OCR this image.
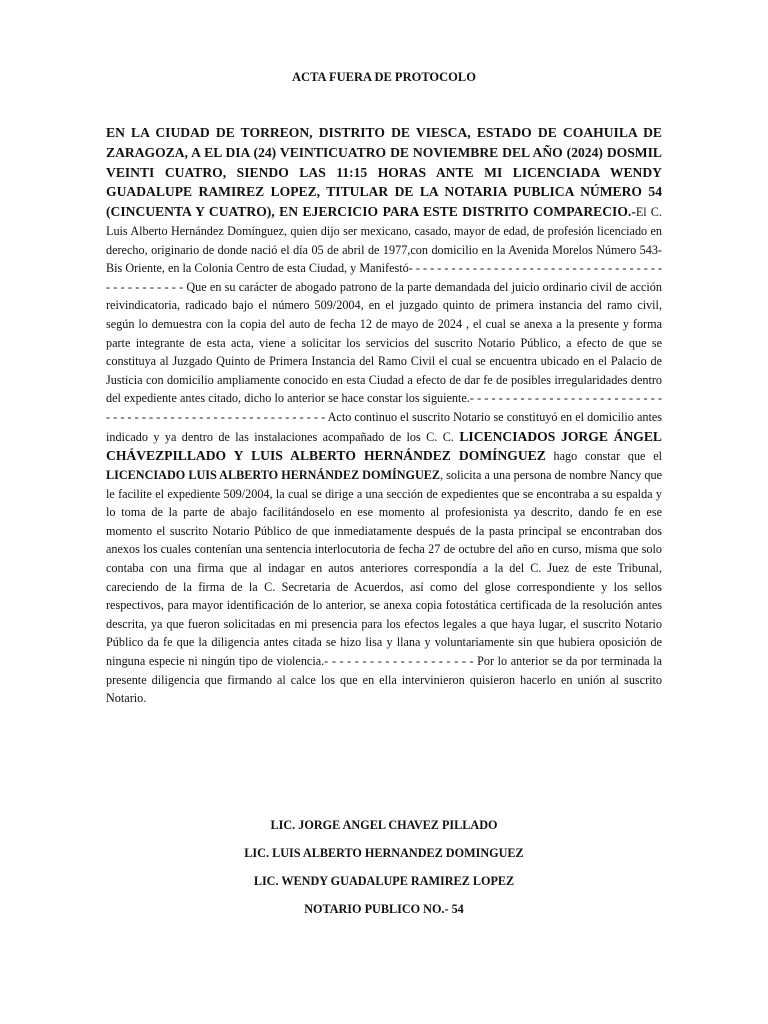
ACTA FUERA DE PROTOCOLO
EN LA CIUDAD DE TORREON, DISTRITO DE VIESCA, ESTADO DE COAHUILA DE ZARAGOZA, A EL DIA (24) VEINTICUATRO DE NOVIEMBRE DEL AÑO (2024) DOSMIL VEINTI CUATRO, SIENDO LAS 11:15 HORAS ANTE MI LICENCIADA WENDY GUADALUPE RAMIREZ LOPEZ, TITULAR DE LA NOTARIA PUBLICA NÚMERO 54 (CINCUENTA Y CUATRO), EN EJERCICIO PARA ESTE DISTRITO COMPARECIO.-El C. Luis Alberto Hernández Domínguez, quien dijo ser mexicano, casado, mayor de edad, de profesión licenciado en derecho, originario de donde nació el día 05 de abril de 1977,con domicilio en la Avenida Morelos Número 543-Bis Oriente, en la Colonia Centro de esta Ciudad, y Manifestó- - - - - - - - - - - - - - - - - - - - - - - - - - - - - - - - - - - - - - - - - - - - - - - Que en su carácter de abogado patrono de la parte demandada del juicio ordinario civil de acción reivindicatoria, radicado bajo el número 509/2004, en el juzgado quinto de primera instancia del ramo civil, según lo demuestra con la copia del auto de fecha 12 de mayo de 2024 , el cual se anexa a la presente y forma parte integrante de esta acta, viene a solicitar los servicios del suscrito Notario Público, a efecto de que se constituya al Juzgado Quinto de Primera Instancia del Ramo Civil el cual se encuentra ubicado en el Palacio de Justicia con domicilio ampliamente conocido en esta Ciudad a efecto de dar fe de posibles irregularidades dentro del expediente antes citado, dicho lo anterior se hace constar los siguiente.- - - - - - - - - - - - - - - - - - - - - - - - - - - - - - - - - - - - - - - - - - - - - - - - - - - - - - - - - - Acto continuo el suscrito Notario se constituyó en el domicilio antes indicado y ya dentro de las instalaciones acompañado de los C. C. LICENCIADOS JORGE ÁNGEL CHÁVEZPILLADO Y LUIS ALBERTO HERNÁNDEZ DOMÍNGUEZ hago constar que el LICENCIADO LUIS ALBERTO HERNÁNDEZ DOMÍNGUEZ, solicita a una persona de nombre Nancy que le facilite el expediente 509/2004, la cual se dirige a una sección de expedientes que se encontraba a su espalda y lo toma de la parte de abajo facilitándoselo en ese momento al profesionista ya descrito, dando fe en ese momento el suscrito Notario Público de que inmediatamente después de la pasta principal se encontraban dos anexos los cuales contenían una sentencia interlocutoria de fecha 27 de octubre del año en curso, misma que solo contaba con una firma que al indagar en autos anteriores correspondía a la del C. Juez de este Tribunal, careciendo de la firma de la C. Secretaria de Acuerdos, así como del glose correspondiente y los sellos respectivos, para mayor identificación de lo anterior, se anexa copia fotostática certificada de la resolución antes descrita, ya que fueron solicitadas en mi presencia para los efectos legales a que haya lugar, el suscrito Notario Público da fe que la diligencia antes citada se hizo lisa y llana y voluntariamente sin que hubiera oposición de ninguna especie ni ningún tipo de violencia.- - - - - - - - - - - - - - - - - - - - Por lo anterior se da por terminada la presente diligencia que firmando al calce los que en ella intervinieron quisieron hacerlo en unión al suscrito Notario.
LIC. JORGE ANGEL CHAVEZ PILLADO
LIC. LUIS ALBERTO HERNANDEZ DOMINGUEZ
LIC. WENDY GUADALUPE RAMIREZ LOPEZ
NOTARIO PUBLICO NO.- 54
